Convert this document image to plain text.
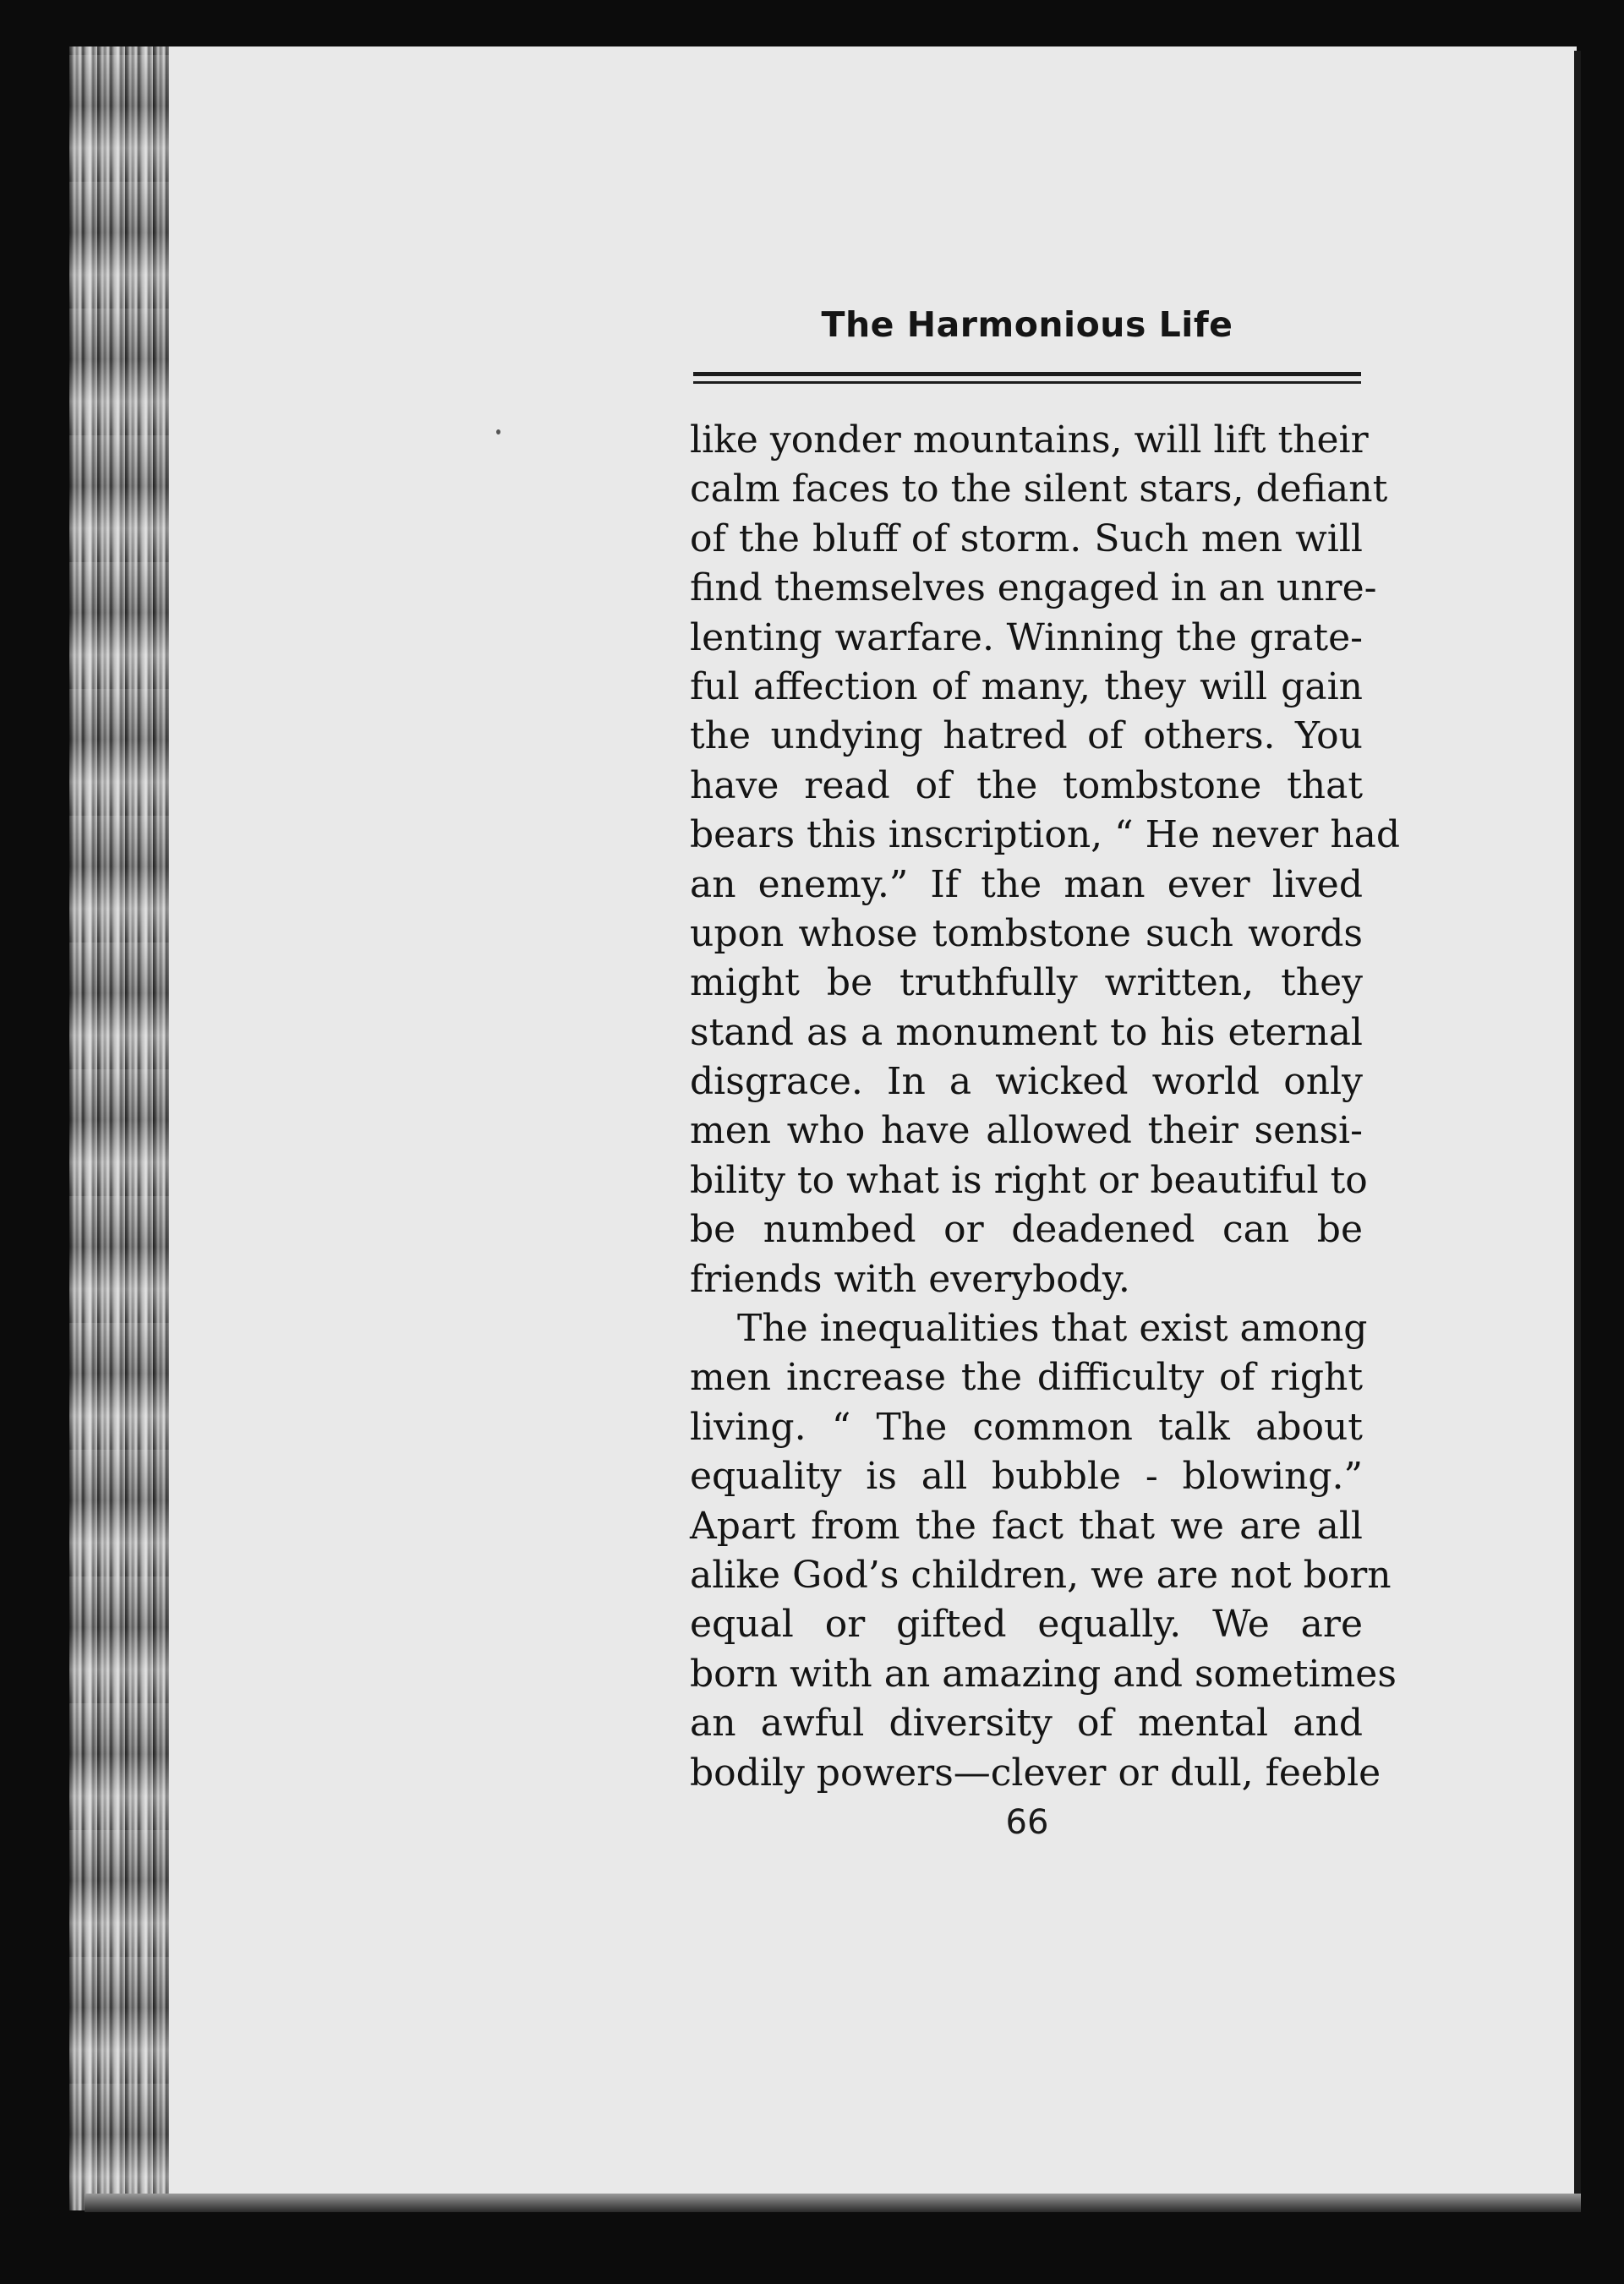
The Harmonious Life
like yonder mountains, will lift their
calm faces to the silent stars, defiant
of the bluff of storm. Such men will
find themselves engaged in an unre-
lenting warfare. Winning the grate-
ful affection of many, they will gain
the undying hatred of others. You
have read of the tombstone that
bears this inscription, “ He never had
an enemy.” If the man ever lived
upon whose tombstone such words
might be truthfully written, they
stand as a monument to his eternal
disgrace. In a wicked world only
men who have allowed their sensi-
bility to what is right or beautiful to
be numbed or deadened can be
friends with everybody.
The inequalities that exist among
men increase the difficulty of right
living. “ The common talk about
equality is all bubble - blowing.”
Apart from the fact that we are all
alike God’s children, we are not born
equal or gifted equally. We are
born with an amazing and sometimes
an awful diversity of mental and
bodily powers—clever or dull, feeble
66
